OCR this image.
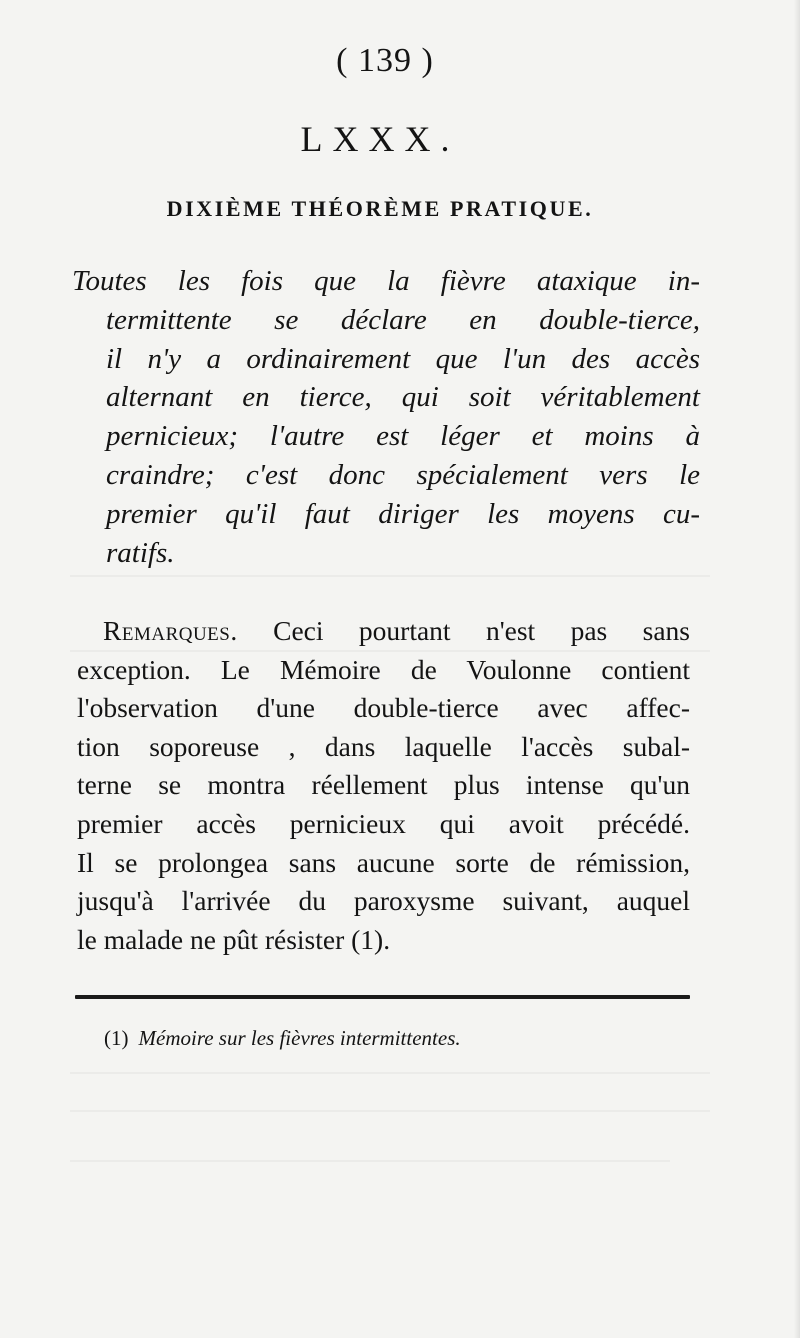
( 139 )
LXXX.
DIXIÈME THÉORÈME PRATIQUE.
Toutes les fois que la fièvre ataxique in-
termittente se déclare en double-tierce,
il n'y a ordinairement que l'un des accès
alternant en tierce, qui soit véritablement
pernicieux; l'autre est léger et moins à
craindre; c'est donc spécialement vers le
premier qu'il faut diriger les moyens cu-
ratifs.
Remarques. Ceci pourtant n'est pas sans
exception. Le Mémoire de Voulonne contient
l'observation d'une double-tierce avec affec-
tion soporeuse , dans laquelle l'accès subal-
terne se montra réellement plus intense qu'un
premier accès pernicieux qui avoit précédé.
Il se prolongea sans aucune sorte de rémission,
jusqu'à l'arrivée du paroxysme suivant, auquel
le malade ne pût résister (1).
(1) Mémoire sur les fièvres intermittentes.
